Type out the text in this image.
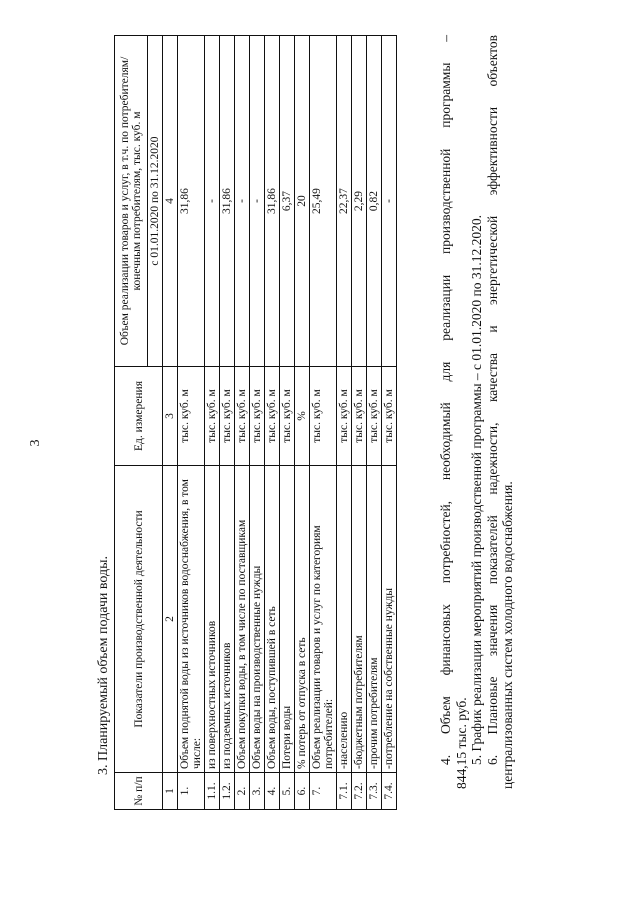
3
3. Планируемый объем подачи воды.
№ п/п	Показатели производственной деятельности	Ед. измерения	Объем реализации товаров и услуг, в т.ч. по потребителям/ конечным потребителям, тыс. куб. м
			с 01.01.2020 по 31.12.2020
1	2	3	4
1.	Объем поднятой воды из источников водоснабжения, в том числе:	тыс. куб. м	31,86
1.1.	из поверхностных источников	тыс. куб. м	-
1.2.	из подземных источников	тыс. куб. м	31,86
2.	Объем покупки воды, в том числе по поставщикам	тыс. куб. м	-
3.	Объем воды на производственные нужды	тыс. куб. м	-
4.	Объем воды, поступившей в сеть	тыс. куб. м	31,86
5.	Потери воды	тыс. куб. м	6,37
6.	% потерь от отпуска в сеть	%	20
7.	Объем реализации товаров и услуг по категориям потребителей:	тыс. куб. м	25,49
7.1.	-населению	тыс. куб. м	22,37
7.2.	-бюджетным потребителям	тыс. куб. м	2,29
7.3.	-прочим потребителям	тыс. куб. м	0,82
7.4.	-потребление на собственные нужды	тыс. куб. м	-	4. Объем финансовых потребностей, необходимый для реализации производственной программы – 844,15 тыс. руб. 5. График реализации мероприятий производственной программы – с 01.01.2020 по 31.12.2020. 6. Плановые значения показателей надежности, качества и энергетической эффективности объектов централизованных систем холодного водоснабжения.
